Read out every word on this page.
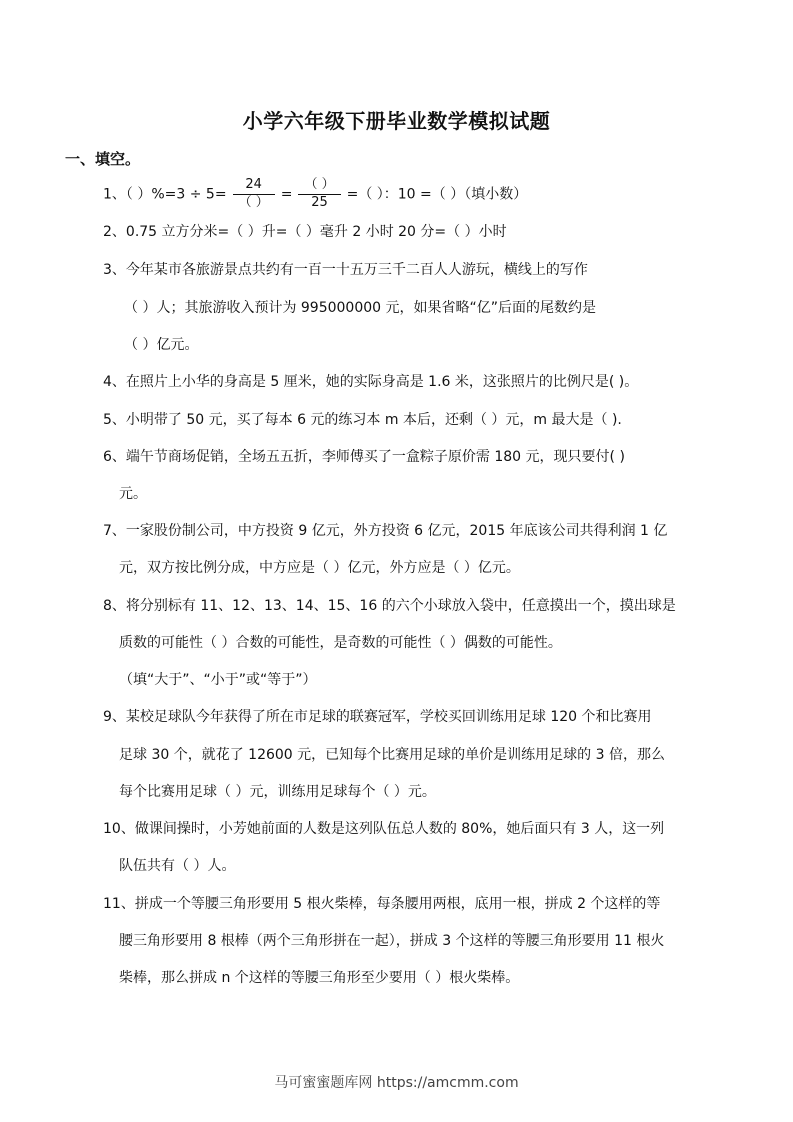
小学六年级下册毕业数学模拟试题
一、填空。
1、（ ）$\%=3 \div 5= \frac{24}{( )} = \frac{( )}{25}$ =（ ）：10 =（ ）（填小数）
2、0.75 立方分米=（ ）升=（ ）毫升 2 小时 20 分=（ ）小时
3、今年某市各旅游景点共约有一百一十五万三千二百人人游玩，横线上的写作
（ ）人；其旅游收入预计为 995000000 元，如果省略“亿”后面的尾数约是
（ ）亿元。
4、在照片上小华的身高是 5 厘米，她的实际身高是 1.6 米，这张照片的比例尺是( )。
5、小明带了 50 元，买了每本 6 元的练习本 m 本后，还剩（ ）元，m 最大是（ ).
6、端午节商场促销，全场五五折，李师傅买了一盒粽子原价需 180 元，现只要付( )
元。
7、一家股份制公司，中方投资 9 亿元，外方投资 6 亿元，2015 年底该公司共得利润 1 亿
元，双方按比例分成，中方应是（ ）亿元，外方应是（ ）亿元。
8、将分别标有 11、12、13、14、15、16 的六个小球放入袋中，任意摸出一个，摸出球是
质数的可能性（ ）合数的可能性，是奇数的可能性（ ）偶数的可能性。
（填“大于”、“小于”或“等于”）
9、某校足球队今年获得了所在市足球的联赛冠军，学校买回训练用足球 120 个和比赛用
足球 30 个，就花了 12600 元，已知每个比赛用足球的单价是训练用足球的 3 倍，那么
每个比赛用足球（ ）元，训练用足球每个（ ）元。
10、做课间操时，小芳她前面的人数是这列队伍总人数的 80%，她后面只有 3 人，这一列
队伍共有（ ）人。
11、拼成一个等腰三角形要用 5 根火柴棒，每条腰用两根，底用一根，拼成 2 个这样的等
腰三角形要用 8 根棒（两个三角形拼在一起），拼成 3 个这样的等腰三角形要用 11 根火
柴棒，那么拼成 n 个这样的等腰三角形至少要用（ ）根火柴棒。
马可蜜蜜题库网 https://amcmm.com
